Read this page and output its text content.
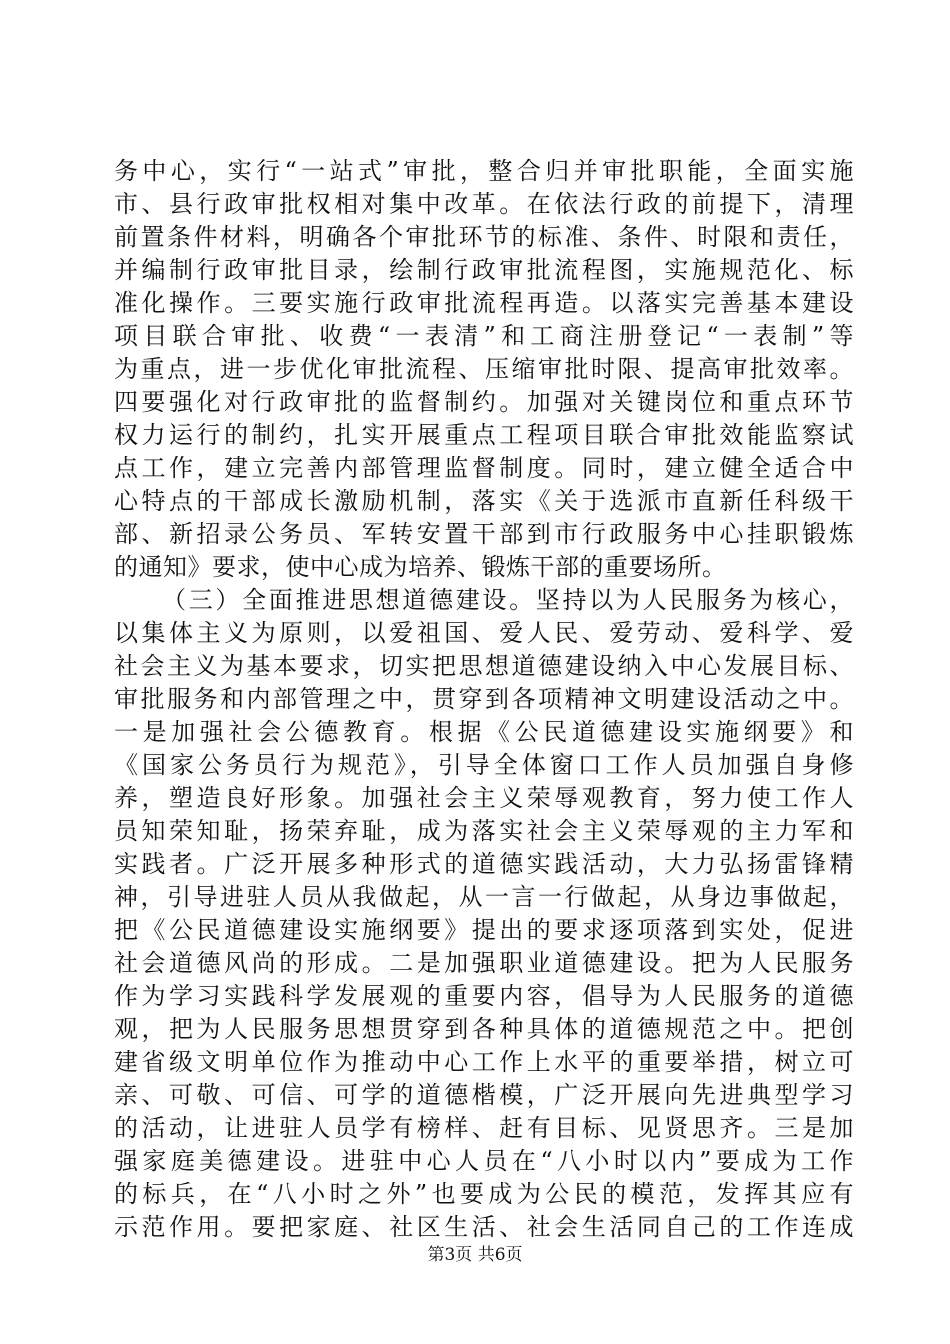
务中心，实行“一站式”审批，整合归并审批职能，全面实施
市、县行政审批权相对集中改革。在依法行政的前提下，清理
前置条件材料，明确各个审批环节的标准、条件、时限和责任，
并编制行政审批目录，绘制行政审批流程图，实施规范化、标
准化操作。三要实施行政审批流程再造。以落实完善基本建设
项目联合审批、收费“一表清”和工商注册登记“一表制”等
为重点，进一步优化审批流程、压缩审批时限、提高审批效率。
四要强化对行政审批的监督制约。加强对关键岗位和重点环节
权力运行的制约，扎实开展重点工程项目联合审批效能监察试
点工作，建立完善内部管理监督制度。同时，建立健全适合中
心特点的干部成长激励机制，落实《关于选派市直新任科级干
部、新招录公务员、军转安置干部到市行政服务中心挂职锻炼
的通知》要求，使中心成为培养、锻炼干部的重要场所。
（三）全面推进思想道德建设。坚持以为人民服务为核心，
以集体主义为原则，以爱祖国、爱人民、爱劳动、爱科学、爱
社会主义为基本要求，切实把思想道德建设纳入中心发展目标、
审批服务和内部管理之中，贯穿到各项精神文明建设活动之中。
一是加强社会公德教育。根据《公民道德建设实施纲要》和
《国家公务员行为规范》，引导全体窗口工作人员加强自身修
养，塑造良好形象。加强社会主义荣辱观教育，努力使工作人
员知荣知耻，扬荣弃耻，成为落实社会主义荣辱观的主力军和
实践者。广泛开展多种形式的道德实践活动，大力弘扬雷锋精
神，引导进驻人员从我做起，从一言一行做起，从身边事做起，
把《公民道德建设实施纲要》提出的要求逐项落到实处，促进
社会道德风尚的形成。二是加强职业道德建设。把为人民服务
作为学习实践科学发展观的重要内容，倡导为人民服务的道德
观，把为人民服务思想贯穿到各种具体的道德规范之中。把创
建省级文明单位作为推动中心工作上水平的重要举措，树立可
亲、可敬、可信、可学的道德楷模，广泛开展向先进典型学习
的活动，让进驻人员学有榜样、赶有目标、见贤思齐。三是加
强家庭美德建设。进驻中心人员在“八小时以内”要成为工作
的标兵，在“八小时之外”也要成为公民的模范，发挥其应有
示范作用。要把家庭、社区生活、社会生活同自己的工作连成
第3页 共6页
